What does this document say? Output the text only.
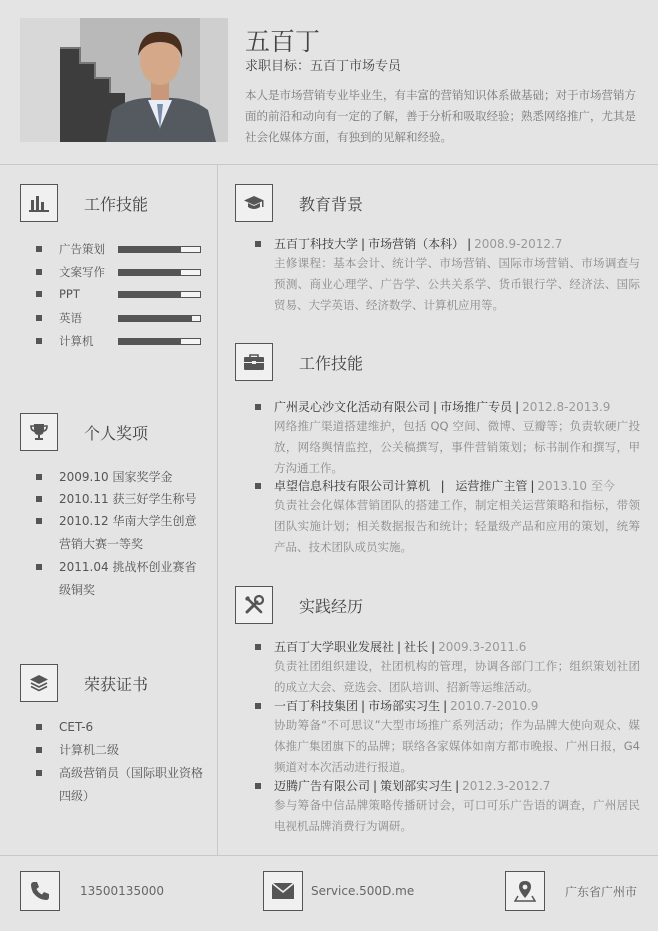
五百丁
求职目标：五百丁市场专员
本人是市场营销专业毕业生，有丰富的营销知识体系做基础；对于市场营销方面的前沿和动向有一定的了解，善于分析和吸取经验；熟悉网络推广，尤其是社会化媒体方面，有独到的见解和经验。
工作技能
广告策划
文案写作
PPT
英语
计算机
个人奖项
2009.10 国家奖学金
2010.11 获三好学生称号
2010.12 华南大学生创意营销大赛一等奖
2011.04 挑战杯创业赛省级铜奖
荣获证书
CET-6
计算机二级
高级营销员（国际职业资格四级）
教育背景
五百丁科技大学 | 市场营销（本科） | 2008.9-2012.7
主修课程：基本会计、统计学、市场营销、国际市场营销、市场调查与预测、商业心理学、广告学、公共关系学、货币银行学、经济法、国际贸易、大学英语、经济数学、计算机应用等。
工作技能
广州灵心沙文化活动有限公司 | 市场推广专员 | 2012.8-2013.9
网络推广渠道搭建维护，包括 QQ 空间、微博、豆瓣等；负责软硬广投放，网络舆情监控，公关稿撰写，事件营销策划；标书制作和撰写，甲方沟通工作。
卓望信息科技有限公司计算机  |  运营推广主管 | 2013.10 至今
负责社会化媒体营销团队的搭建工作，制定相关运营策略和指标，带领团队实施计划；相关数据报告和统计；轻量级产品和应用的策划，统筹产品、技术团队成员实施。
实践经历
五百丁大学职业发展社 | 社长 | 2009.3-2011.6
负责社团组织建设，社团机构的管理，协调各部门工作；组织策划社团的成立大会、竞选会、团队培训、招新等运维活动。
一百丁科技集团 | 市场部实习生 | 2010.7-2010.9
协助筹备“不可思议”大型市场推广系列活动；作为品牌大使向观众、媒体推广集团旗下的品牌；联络各家媒体如南方都市晚报、广州日报，G4频道对本次活动进行报道。
迈腾广告有限公司 | 策划部实习生 | 2012.3-2012.7
参与筹备中信品牌策略传播研讨会，可口可乐广告语的调查，广州居民电视机品牌消费行为调研。
13500135000	Service.500D.me	广东省广州市
